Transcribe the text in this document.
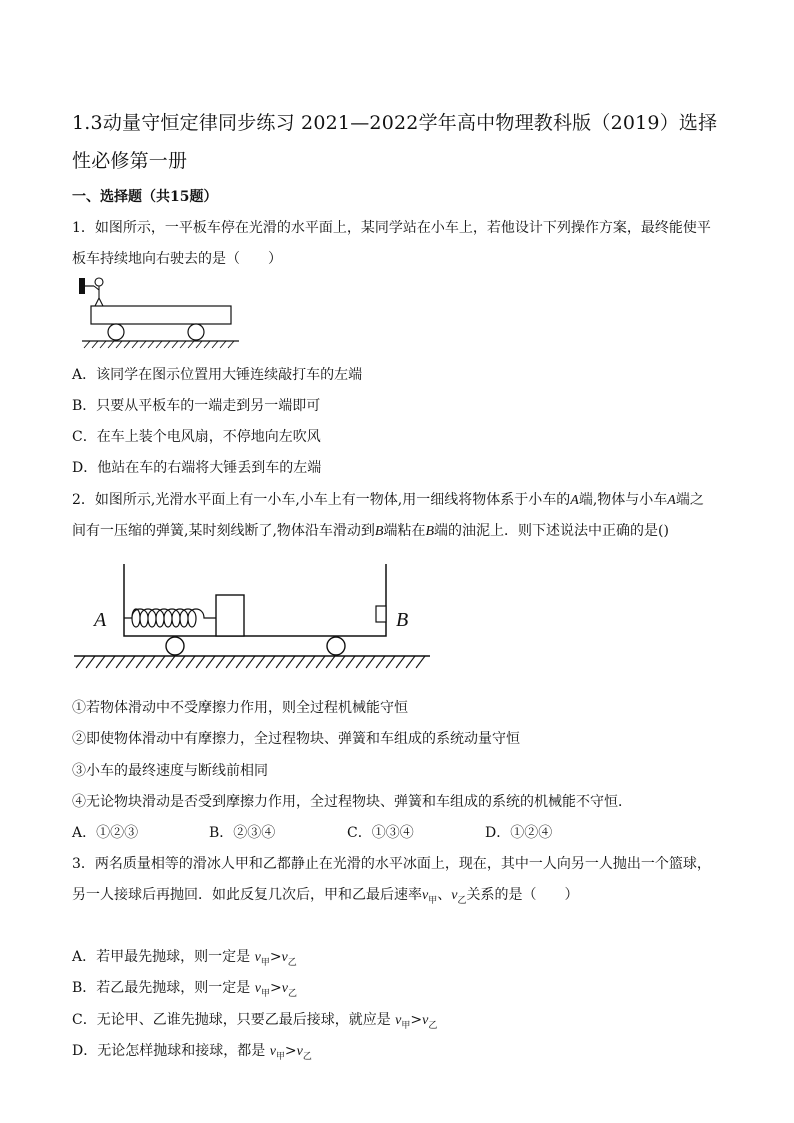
1.3动量守恒定律同步练习 2021—2022学年高中物理教科版（2019）选择性必修第一册
一、选择题（共15题）
1．如图所示，一平板车停在光滑的水平面上，某同学站在小车上，若他设计下列操作方案，最终能使平
板车持续地向右驶去的是（　　）
A．该同学在图示位置用大锤连续敲打车的左端
B．只要从平板车的一端走到另一端即可
C．在车上装个电风扇，不停地向左吹风
D．他站在车的右端将大锤丢到车的左端
2．如图所示,光滑水平面上有一小车,小车上有一物体,用一细线将物体系于小车的A端,物体与小车A端之
间有一压缩的弹簧,某时刻线断了,物体沿车滑动到B端粘在B端的油泥上．则下述说法中正确的是()
A	B
①若物体滑动中不受摩擦力作用，则全过程机械能守恒
②即使物体滑动中有摩擦力，全过程物块、弹簧和车组成的系统动量守恒
③小车的最终速度与断线前相同
④无论物块滑动是否受到摩擦力作用，全过程物块、弹簧和车组成的系统的机械能不守恒．
A．①②③	B．②③④	C．①③④	D．①②④
3．两名质量相等的滑冰人甲和乙都静止在光滑的水平冰面上，现在，其中一人向另一人抛出一个篮球，
另一人接球后再抛回．如此反复几次后，甲和乙最后速率$v_甲$、$v_乙$关系的是（　　）
A．若甲最先抛球，则一定是 $v_甲>v_乙$
B．若乙最先抛球，则一定是 $v_甲>v_乙$
C．无论甲、乙谁先抛球，只要乙最后接球，就应是 $v_甲>v_乙$
D．无论怎样抛球和接球，都是 $v_甲>v_乙$
